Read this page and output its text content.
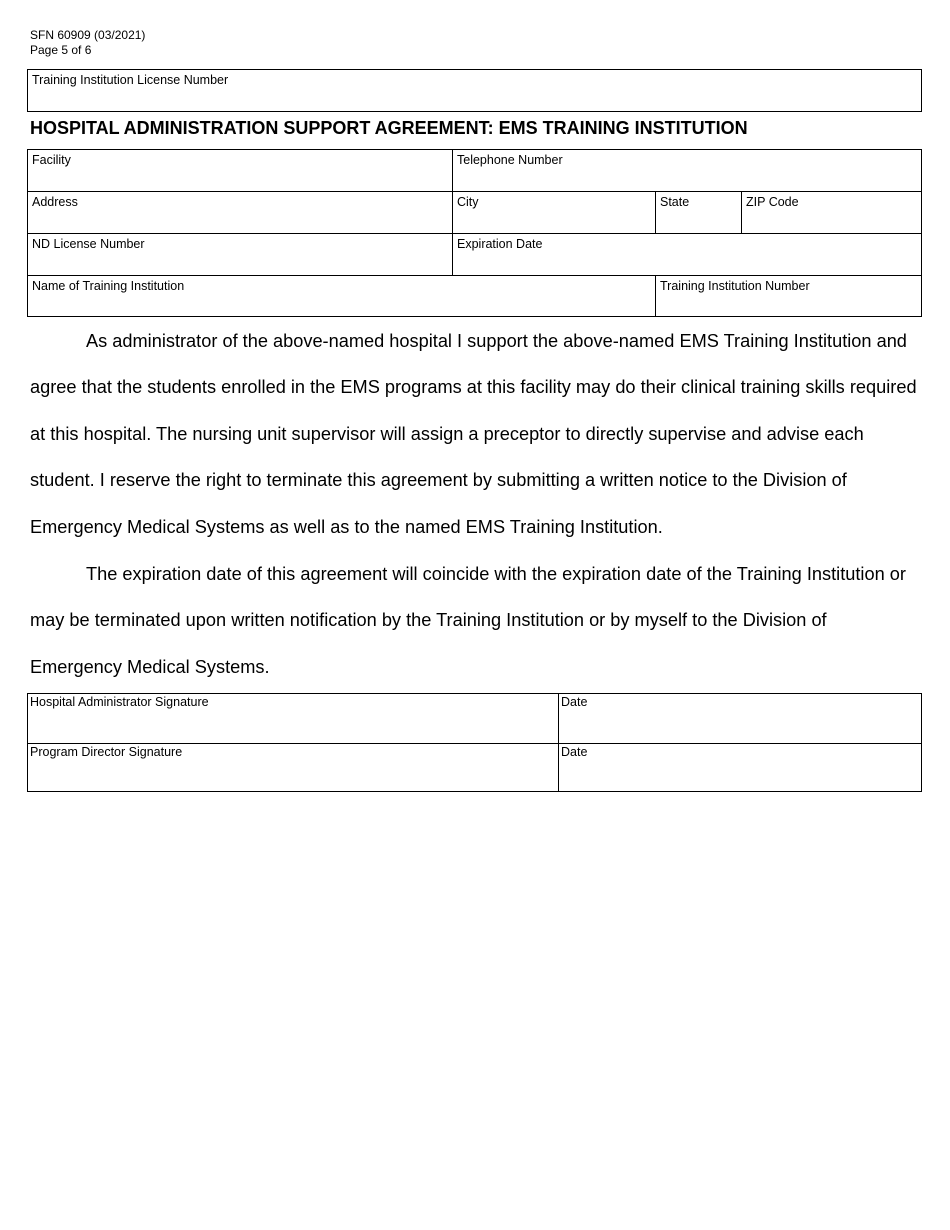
SFN 60909 (03/2021)
Page 5 of 6
Training Institution License Number
HOSPITAL ADMINISTRATION SUPPORT AGREEMENT: EMS TRAINING INSTITUTION
Facility	Telephone Number
Address	City	State	ZIP Code
ND License Number	Expiration Date
Name of Training Institution	Training Institution Number

As administrator of the above-named hospital I support the above-named EMS Training Institution and agree that the students enrolled in the EMS programs at this facility may do their clinical training skills required at this hospital. The nursing unit supervisor will assign a preceptor to directly supervise and advise each student. I reserve the right to terminate this agreement by submitting a written notice to the Division of Emergency Medical Systems as well as to the named EMS Training Institution.

The expiration date of this agreement will coincide with the expiration date of the Training Institution or may be terminated upon written notification by the Training Institution or by myself to the Division of Emergency Medical Systems.

Hospital Administrator Signature	Date
Program Director Signature	Date
